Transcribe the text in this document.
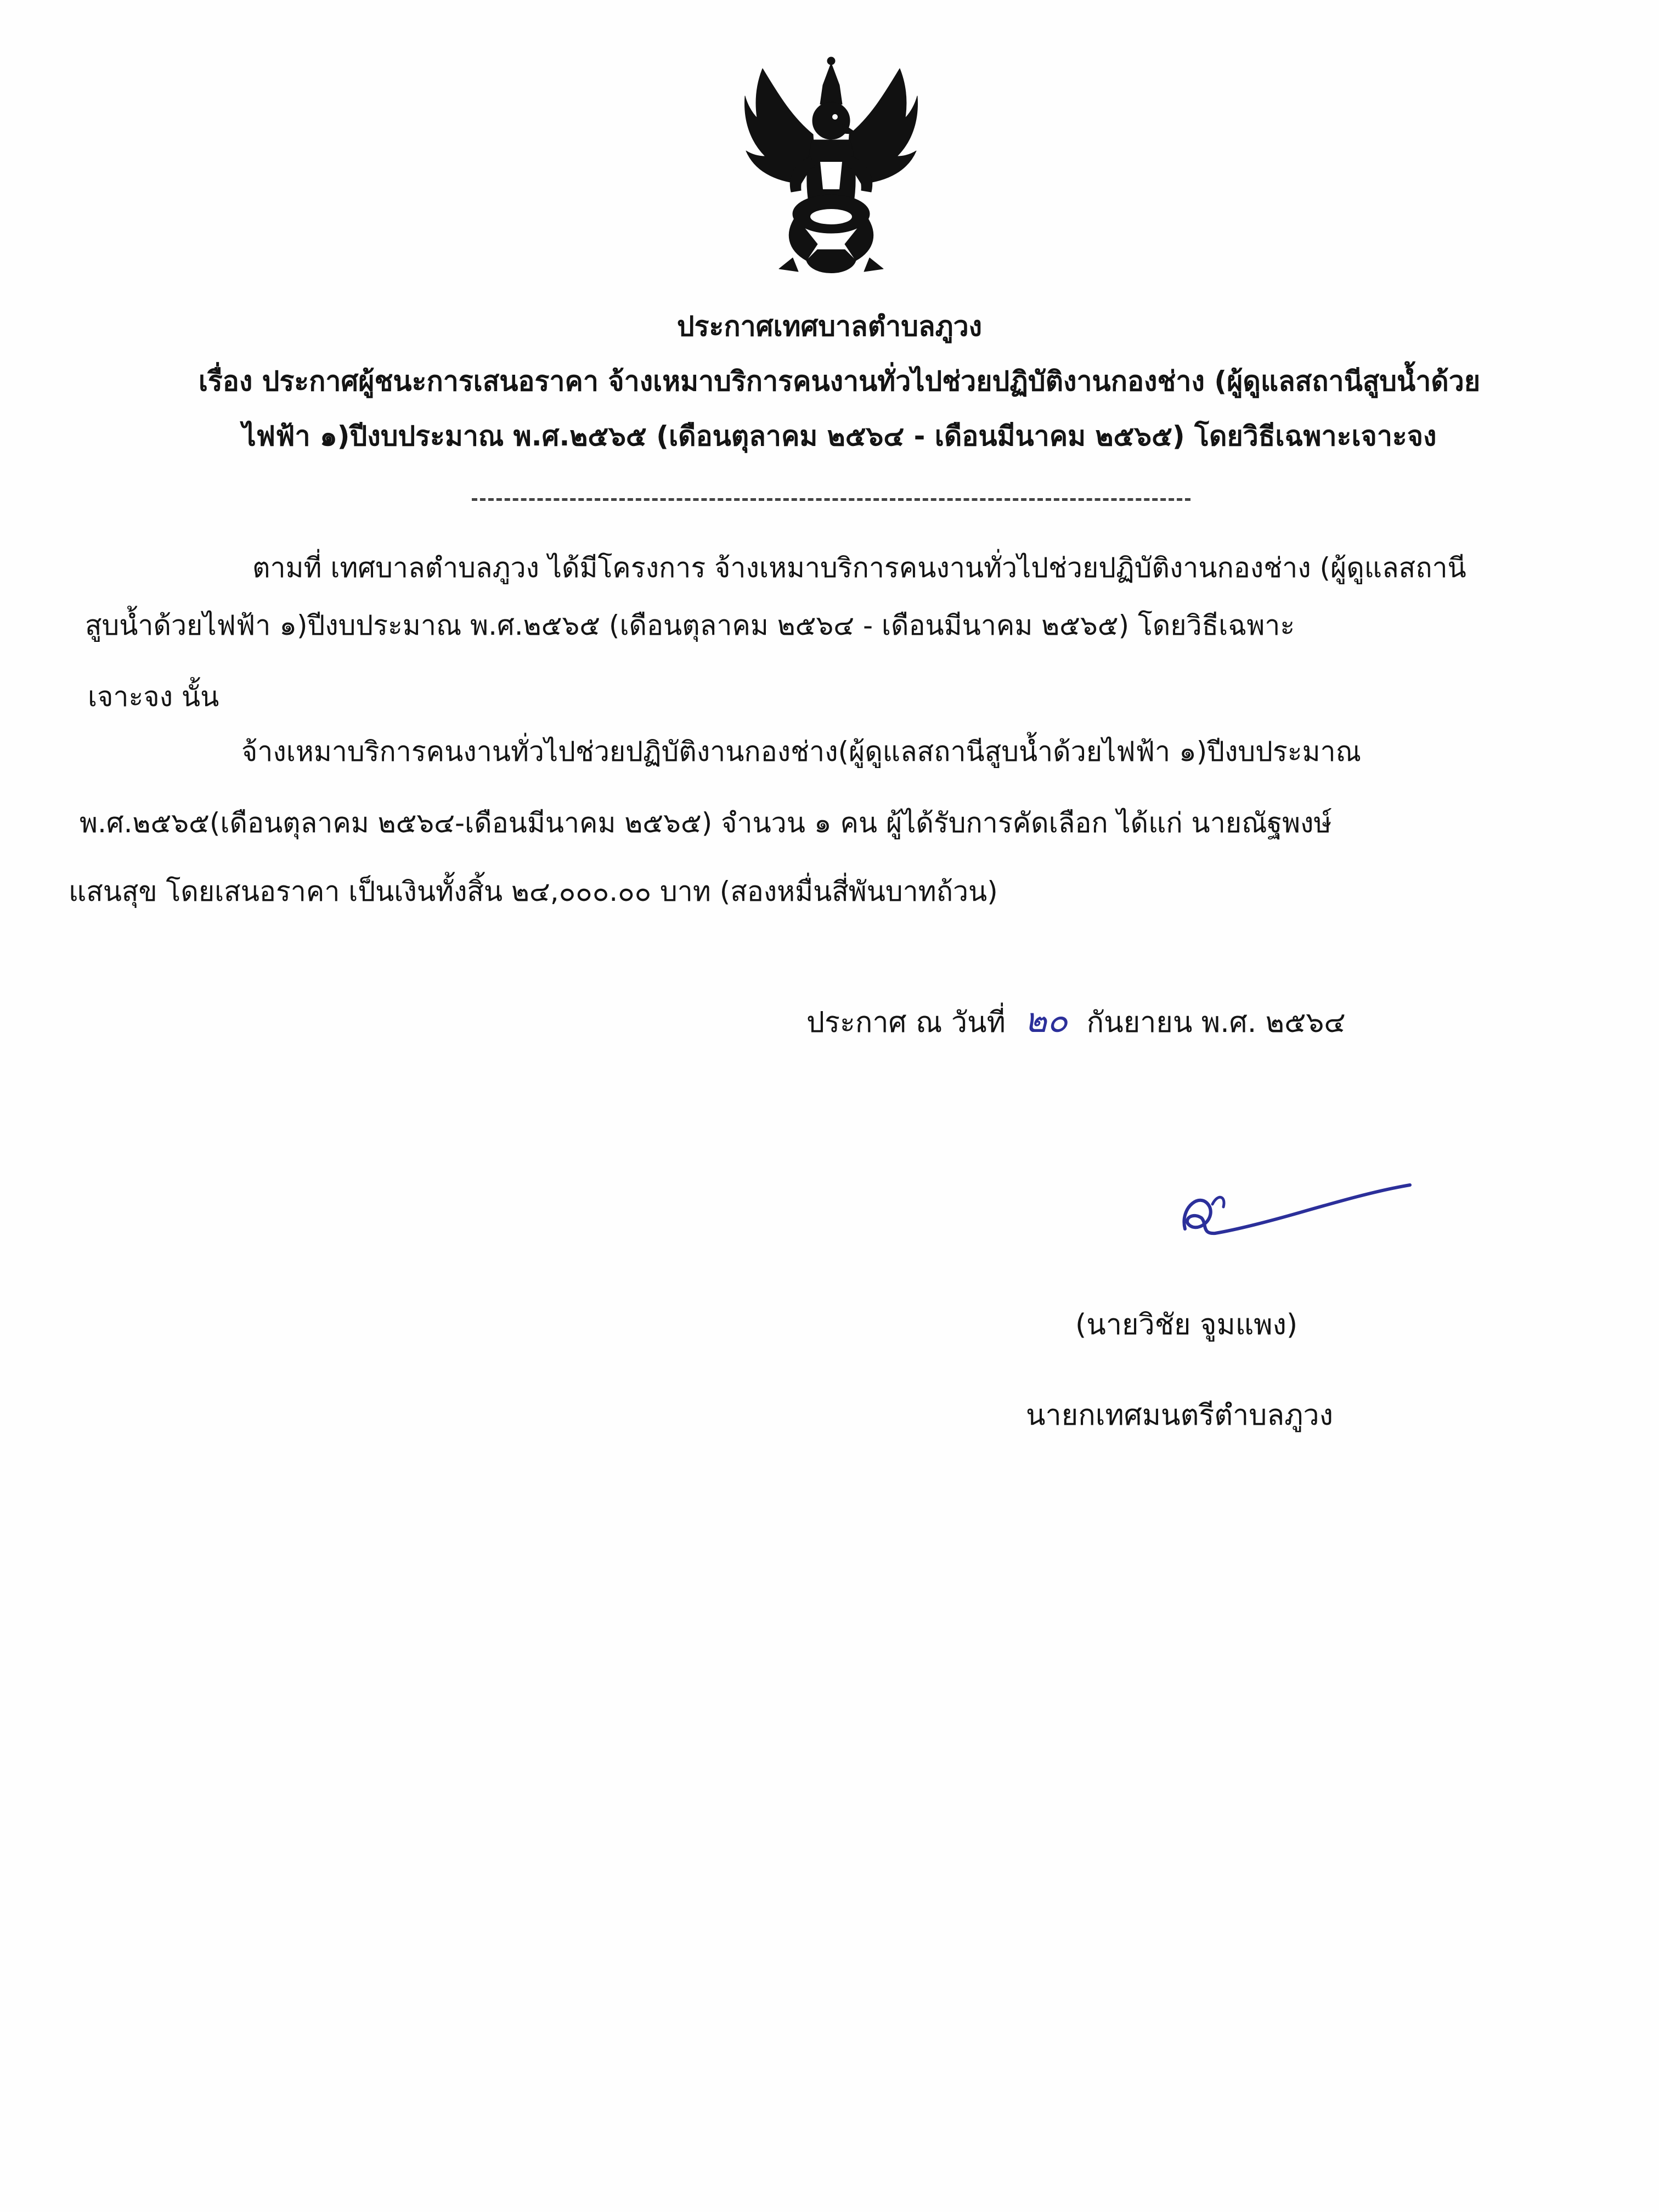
ประกาศเทศบาลตำบลภูวง
เรื่อง ประกาศผู้ชนะการเสนอราคา จ้างเหมาบริการคนงานทั่วไปช่วยปฏิบัติงานกองช่าง (ผู้ดูแลสถานีสูบน้ำด้วย
ไฟฟ้า ๑)ปีงบประมาณ พ.ศ.๒๕๖๕ (เดือนตุลาคม ๒๕๖๔ - เดือนมีนาคม ๒๕๖๕) โดยวิธีเฉพาะเจาะจง
ตามที่ เทศบาลตำบลภูวง ได้มีโครงการ จ้างเหมาบริการคนงานทั่วไปช่วยปฏิบัติงานกองช่าง (ผู้ดูแลสถานี
สูบน้ำด้วยไฟฟ้า ๑)ปีงบประมาณ พ.ศ.๒๕๖๕ (เดือนตุลาคม ๒๕๖๔ - เดือนมีนาคม ๒๕๖๕) โดยวิธีเฉพาะ
เจาะจง นั้น
จ้างเหมาบริการคนงานทั่วไปช่วยปฏิบัติงานกองช่าง(ผู้ดูแลสถานีสูบน้ำด้วยไฟฟ้า ๑)ปีงบประมาณ
พ.ศ.๒๕๖๕(เดือนตุลาคม ๒๕๖๔-เดือนมีนาคม ๒๕๖๕) จำนวน ๑ คน ผู้ได้รับการคัดเลือก ได้แก่ นายณัฐพงษ์
แสนสุข โดยเสนอราคา เป็นเงินทั้งสิ้น ๒๔,๐๐๐.๐๐ บาท (สองหมื่นสี่พันบาทถ้วน)
ประกาศ ณ วันที่ ๒๐ กันยายน พ.ศ. ๒๕๖๔
(นายวิชัย จูมแพง)
นายกเทศมนตรีตำบลภูวง
